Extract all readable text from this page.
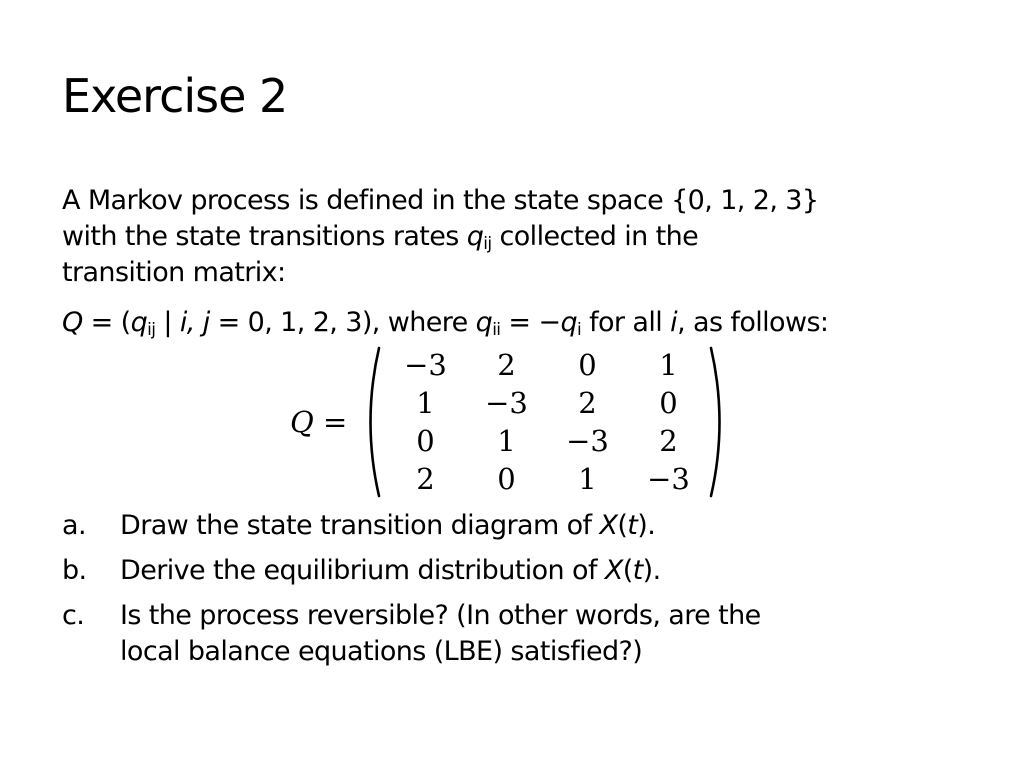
Exercise 2
A Markov process is defined in the state space {0, 1, 2, 3}
with the state transitions rates $q_{ij}$ collected in the
transition matrix:
$Q = (q_{ij}$ | i, j = 0, 1, 2, 3), where $q_{ii} = -q_i$ for all i, as follows:
Q =
−3	2	0	1
1	−3	2	0
0	1	−3	2
2	0	1	−3
a. Draw the state transition diagram of X(t).
b. Derive the equilibrium distribution of X(t).
c. Is the process reversible? (In other words, are the
local balance equations (LBE) satisfied?)
